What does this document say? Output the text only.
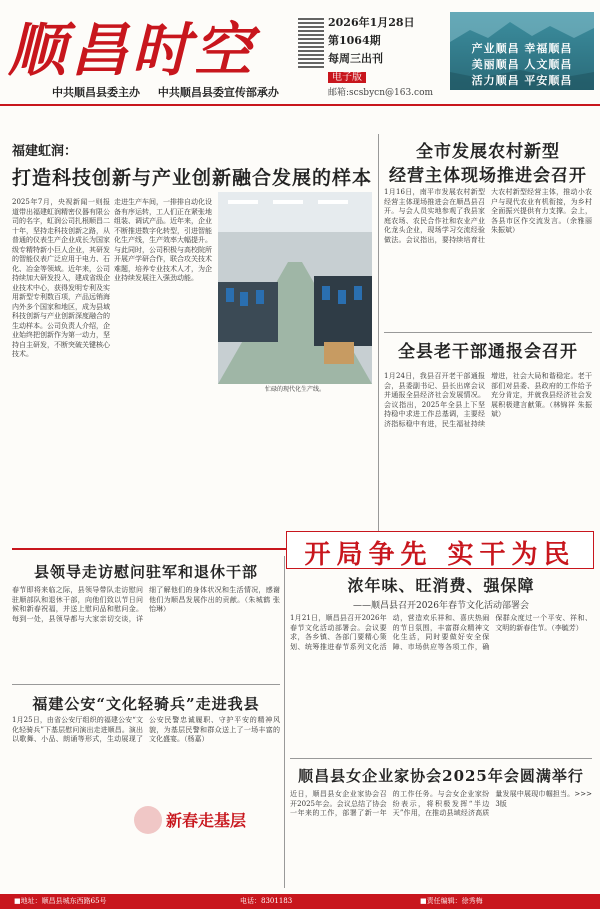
顺昌时空
中共顺昌县委主办 中共顺昌县委宣传部承办
2026年1月28日
第1064期
每周三出刊
电子版
邮箱:scsbycn@163.com
产业顺昌 幸福顺昌
美丽顺昌 人文顺昌
活力顺昌 平安顺昌
福建虹润：
打造科技创新与产业创新融合发展的样本
2025年7月，央视新闻一则报道带出福建虹润精密仪器有限公司的名字，虹润公司扎根顺昌二十年，坚持走科技创新之路，从普通的仪表生产企业成长为国家级专精特新小巨人企业，其研发的智能仪表广泛应用于电力、石化、冶金等领域。近年来，公司持续加大研发投入，建成省级企业技术中心，获得发明专利及实用新型专利数百项，产品远销海内外多个国家和地区，成为县域科技创新与产业创新深度融合的生动样本。公司负责人介绍，企业始终把创新作为第一动力，坚持自主研发，不断突破关键核心技术。
走进生产车间，一排排自动化设备有序运转，工人们正在紧张地组装、调试产品。近年来，企业不断推进数字化转型，引进智能化生产线，生产效率大幅提升。与此同时，公司积极与高校院所开展产学研合作，联合攻关技术难题，培养专业技术人才，为企业持续发展注入强劲动能。
忙碌的现代化生产线。
全市发展农村新型
经营主体现场推进会召开
1月16日，南平市发展农村新型经营主体现场推进会在顺昌县召开。与会人员实地参观了我县家庭农场、农民合作社和农业产业化龙头企业，现场学习交流经验做法。会议指出，要持续培育壮大农村新型经营主体，推动小农户与现代农业有机衔接，为乡村全面振兴提供有力支撑。会上，各县市区作交流发言。（余雅丽 朱振斌）
全县老干部通报会召开
1月24日，我县召开老干部通报会，县委副书记、县长出席会议并通报全县经济社会发展情况。会议指出，2025年全县上下坚持稳中求进工作总基调，主要经济指标稳中有进，民生福祉持续增进，社会大局和谐稳定。老干部们对县委、县政府的工作给予充分肯定，并就我县经济社会发展积极建言献策。（林锦祥 朱振斌）
县领导走访慰问驻军和退休干部
春节即将来临之际，县领导带队走访慰问驻顺部队和退休干部，向他们致以节日问候和新春祝福，并送上慰问品和慰问金。每到一处，县领导都与大家亲切交谈，详细了解他们的身体状况和生活情况，感谢他们为顺昌发展作出的贡献。（朱城鹤 张怡琳）
福建公安“文化轻骑兵”走进我县
1月25日，由省公安厅组织的福建公安“文化轻骑兵”下基层慰问演出走进顺昌。演出以歌舞、小品、朗诵等形式，生动展现了公安民警忠诚履职、守护平安的精神风貌，为基层民警和群众送上了一场丰富的文化盛宴。（杨嘉）
新春走基层
开局争先 实干为民
浓年味、旺消费、强保障
——顺昌县召开2026年春节文化活动部署会
1月21日，顺昌县召开2026年春节文化活动部署会。会议要求，各乡镇、各部门要精心策划、统筹推进春节系列文化活动，营造欢乐祥和、喜庆热闹的节日氛围，丰富群众精神文化生活，同时要做好安全保障、市场供应等各项工作，确保群众度过一个平安、祥和、文明的新春佳节。（李毓芳）
顺昌县女企业家协会2025年会圆满举行
近日，顺昌县女企业家协会召开2025年会。会议总结了协会一年来的工作，部署了新一年的工作任务。与会女企业家纷纷表示，将积极发挥“半边天”作用，在推动县域经济高质量发展中展现巾帼担当。>>>3版
■地址：顺昌县城东西路65号	电话：8301183	■责任编辑：徐秀梅
